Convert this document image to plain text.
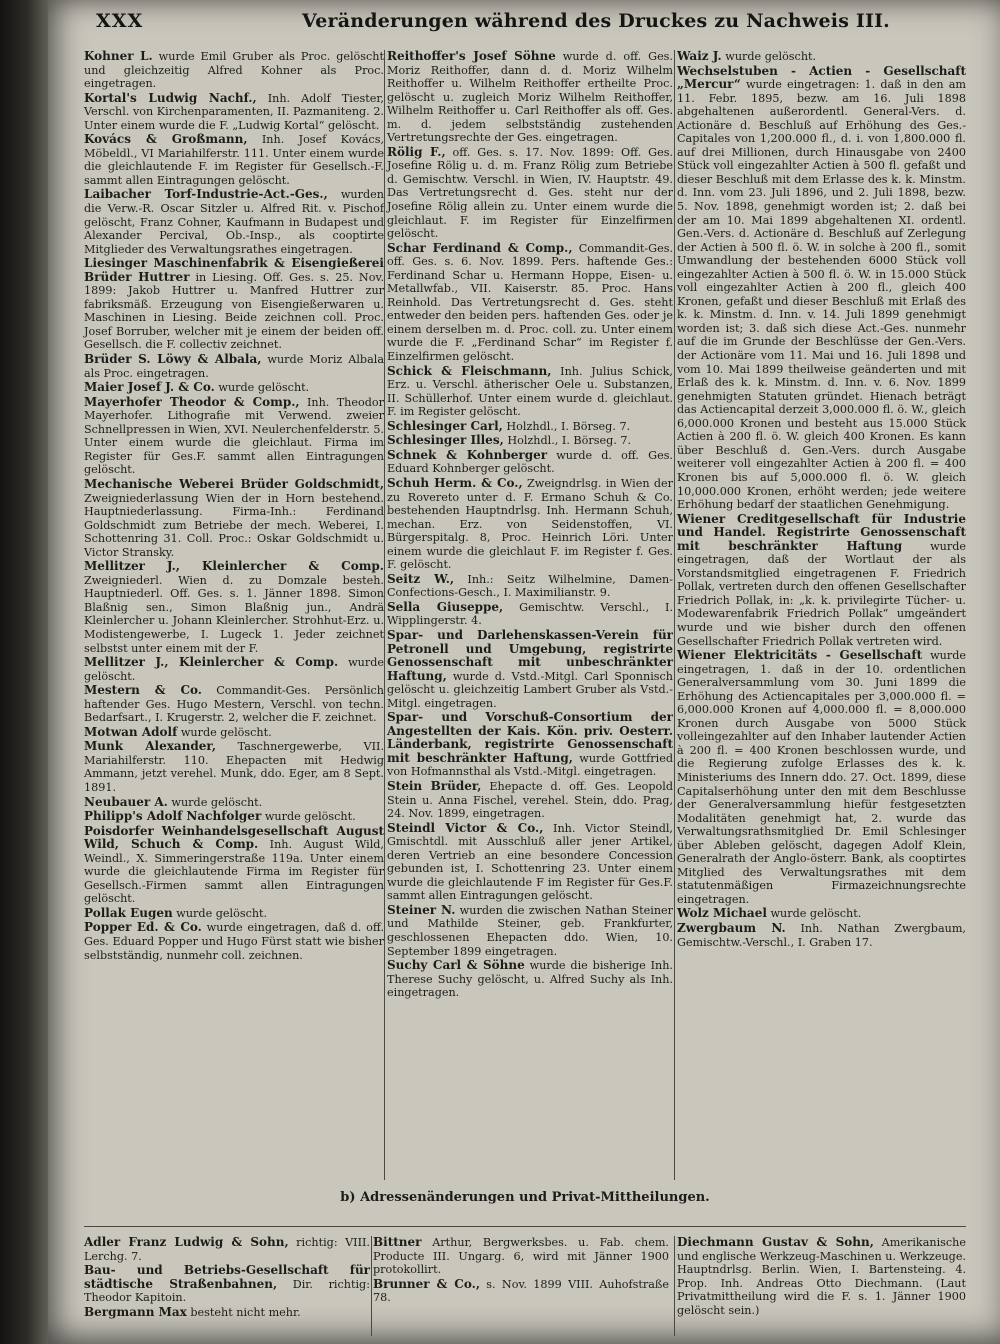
XXX	Veränderungen während des Druckes zu Nachweis III.
Kohner L. wurde Emil Gruber als Proc. gelöscht und gleichzeitig Alfred Kohner als Proc. eingetragen.
Kortal's Ludwig Nachf., Inh. Adolf Tiester, Verschl. von Kirchenparamenten, II. Pazmaniteng. 2. Unter einem wurde die F. „Ludwig Kortal“ gelöscht.
Kovács & Großmann, Inh. Josef Kovács, Möbeldl., VI Mariahilferstr. 111. Unter einem wurde die gleichlautende F. im Register für Gesellsch.-F. sammt allen Eintragungen gelöscht.
Laibacher Torf-Industrie-Act.-Ges., wurden die Verw.-R. Oscar Sitzler u. Alfred Rit. v. Pischof gelöscht, Franz Cohner, Kaufmann in Budapest und Alexander Percival, Ob.-Insp., als cooptirte Mitglieder des Verwaltungsrathes eingetragen.
Liesinger Maschinenfabrik & Eisengießerei Brüder Huttrer in Liesing. Off. Ges. s. 25. Nov. 1899: Jakob Huttrer u. Manfred Huttrer zur fabriksmäß. Erzeugung von Eisengießerwaren u. Maschinen in Liesing. Beide zeichnen coll. Proc. Josef Borruber, welcher mit je einem der beiden off. Gesellsch. die F. collectiv zeichnet.
Brüder S. Löwy & Albala, wurde Moriz Albala als Proc. eingetragen.
Maier Josef J. & Co. wurde gelöscht.
Mayerhofer Theodor & Comp., Inh. Theodor Mayerhofer. Lithografie mit Verwend. zweier Schnellpressen in Wien, XVI. Neulerchenfelderstr. 5. Unter einem wurde die gleichlaut. Firma im Register für Ges.F. sammt allen Eintragungen gelöscht.
Mechanische Weberei Brüder Goldschmidt, Zweigniederlassung Wien der in Horn bestehend. Hauptniederlassung. Firma-Inh.: Ferdinand Goldschmidt zum Betriebe der mech. Weberei, I. Schottenring 31. Coll. Proc.: Oskar Goldschmidt u. Victor Stransky.
Mellitzer J., Kleinlercher & Comp. Zweigniederl. Wien d. zu Domzale besteh. Hauptniederl. Off. Ges. s. 1. Jänner 1898. Simon Blaßnig sen., Simon Blaßnig jun., Andrä Kleinlercher u. Johann Kleinlercher. Strohhut-Erz. u. Modistengewerbe, I. Lugeck 1. Jeder zeichnet selbstst unter einem mit der F.
Mellitzer J., Kleinlercher & Comp. wurde gelöscht.
Mestern & Co. Commandit-Ges. Persönlich haftender Ges. Hugo Mestern, Verschl. von techn. Bedarfsart., I. Krugerstr. 2, welcher die F. zeichnet.
Motwan Adolf wurde gelöscht.
Munk Alexander, Taschnergewerbe, VII. Mariahilferstr. 110. Ehepacten mit Hedwig Ammann, jetzt verehel. Munk, ddo. Eger, am 8 Sept. 1891.
Neubauer A. wurde gelöscht.
Philipp's Adolf Nachfolger wurde gelöscht.
Poisdorfer Weinhandelsgesellschaft August Wild, Schuch & Comp. Inh. August Wild, Weindl., X. Simmeringerstraße 119a. Unter einem wurde die gleichlautende Firma im Register für Gesellsch.-Firmen sammt allen Eintragungen gelöscht.
Pollak Eugen wurde gelöscht.
Popper Ed. & Co. wurde eingetragen, daß d. off. Ges. Eduard Popper und Hugo Fürst statt wie bisher selbstständig, nunmehr coll. zeichnen.
Reithoffer's Josef Söhne wurde d. off. Ges. Moriz Reithoffer, dann d. d. Moriz Wilhelm Reithoffer u. Wilhelm Reithoffer ertheilte Proc. gelöscht u. zugleich Moriz Wilhelm Reithoffer, Wilhelm Reithoffer u. Carl Reithoffer als off. Ges. m. d. jedem selbstständig zustehenden Vertretungsrechte der Ges. eingetragen.
Rölig F., off. Ges. s. 17. Nov. 1899: Off. Ges. Josefine Rölig u. d. m. Franz Rölig zum Betriebe d. Gemischtw. Verschl. in Wien, IV. Hauptstr. 49. Das Vertretungsrecht d. Ges. steht nur der Josefine Rölig allein zu. Unter einem wurde die gleichlaut. F. im Register für Einzelfirmen gelöscht.
Schar Ferdinand & Comp., Commandit-Ges. off. Ges. s. 6. Nov. 1899. Pers. haftende Ges.: Ferdinand Schar u. Hermann Hoppe, Eisen- u. Metallwfab., VII. Kaiserstr. 85. Proc. Hans Reinhold. Das Vertretungsrecht d. Ges. steht entweder den beiden pers. haftenden Ges. oder je einem derselben m. d. Proc. coll. zu. Unter einem wurde die F. „Ferdinand Schar“ im Register f. Einzelfirmen gelöscht.
Schick & Fleischmann, Inh. Julius Schick, Erz. u. Verschl. ätherischer Oele u. Substanzen, II. Schüllerhof. Unter einem wurde d. gleichlaut. F. im Register gelöscht.
Schlesinger Carl, Holzhdl., I. Börseg. 7.
Schlesinger Illes, Holzhdl., I. Börseg. 7.
Schnek & Kohnberger wurde d. off. Ges. Eduard Kohnberger gelöscht.
Schuh Herm. & Co., Zweigndrlsg. in Wien der zu Rovereto unter d. F. Ermano Schuh & Co. bestehenden Hauptndrlsg. Inh. Hermann Schuh, mechan. Erz. von Seidenstoffen, VI. Bürgerspitalg. 8, Proc. Heinrich Löri. Unter einem wurde die gleichlaut F. im Register f. Ges. F. gelöscht.
Seitz W., Inh.: Seitz Wilhelmine, Damen-Confections-Gesch., I. Maximilianstr. 9.
Sella Giuseppe, Gemischtw. Verschl., I. Wipplingerstr. 4.
Spar- und Darlehenskassen-Verein für Petronell und Umgebung, registrirte Genossenschaft mit unbeschränkter Haftung, wurde d. Vstd.-Mitgl. Carl Sponnisch gelöscht u. gleichzeitig Lambert Gruber als Vstd.-Mitgl. eingetragen.
Spar- und Vorschuß-Consortium der Angestellten der Kais. Kön. priv. Oesterr. Länderbank, registrirte Genossenschaft mit beschränkter Haftung, wurde Gottfried von Hofmannsthal als Vstd.-Mitgl. eingetragen.
Stein Brüder, Ehepacte d. off. Ges. Leopold Stein u. Anna Fischel, verehel. Stein, ddo. Prag, 24. Nov. 1899, eingetragen.
Steindl Victor & Co., Inh. Victor Steindl, Gmischtdl. mit Ausschluß aller jener Artikel, deren Vertrieb an eine besondere Concession gebunden ist, I. Schottenring 23. Unter einem wurde die gleichlautende F im Register für Ges.F. sammt allen Eintragungen gelöscht.
Steiner N. wurden die zwischen Nathan Steiner und Mathilde Steiner, geb. Frankfurter, geschlossenen Ehepacten ddo. Wien, 10. September 1899 eingetragen.
Suchy Carl & Söhne wurde die bisherige Inh. Therese Suchy gelöscht, u. Alfred Suchy als Inh. eingetragen.
Waiz J. wurde gelöscht.
Wechselstuben - Actien - Gesellschaft „Mercur“ wurde eingetragen: 1. daß in den am 11. Febr. 1895, bezw. am 16. Juli 1898 abgehaltenen außerordentl. General-Vers. d. Actionäre d. Beschluß auf Erhöhung des Ges.-Capitales von 1,200.000 fl., d. i. von 1,800.000 fl. auf drei Millionen, durch Hinausgabe von 2400 Stück voll eingezahlter Actien à 500 fl. gefaßt und dieser Beschluß mit dem Erlasse des k. k. Minstm. d. Inn. vom 23. Juli 1896, und 2. Juli 1898, bezw. 5. Nov. 1898, genehmigt worden ist; 2. daß bei der am 10. Mai 1899 abgehaltenen XI. ordentl. Gen.-Vers. d. Actionäre d. Beschluß auf Zerlegung der Actien à 500 fl. ö. W. in solche à 200 fl., somit Umwandlung der bestehenden 6000 Stück voll eingezahlter Actien à 500 fl. ö. W. in 15.000 Stück voll eingezahlter Actien à 200 fl., gleich 400 Kronen, gefaßt und dieser Beschluß mit Erlaß des k. k. Minstm. d. Inn. v. 14. Juli 1899 genehmigt worden ist; 3. daß sich diese Act.-Ges. nunmehr auf die im Grunde der Beschlüsse der Gen.-Vers. der Actionäre vom 11. Mai und 16. Juli 1898 und vom 10. Mai 1899 theilweise geänderten und mit Erlaß des k. k. Minstm. d. Inn. v. 6. Nov. 1899 genehmigten Statuten gründet. Hienach beträgt das Actiencapital derzeit 3,000.000 fl. ö. W., gleich 6,000.000 Kronen und besteht aus 15.000 Stück Actien à 200 fl. ö. W. gleich 400 Kronen. Es kann über Beschluß d. Gen.-Vers. durch Ausgabe weiterer voll eingezahlter Actien à 200 fl. = 400 Kronen bis auf 5,000.000 fl. ö. W. gleich 10,000.000 Kronen, erhöht werden; jede weitere Erhöhung bedarf der staatlichen Genehmigung.
Wiener Creditgesellschaft für Industrie und Handel. Registrirte Genossenschaft mit beschränkter Haftung wurde eingetragen, daß der Wortlaut der als Vorstandsmitglied eingetragenen F. Friedrich Pollak, vertreten durch den offenen Gesellschafter Friedrich Pollak, in: „k. k. privilegirte Tücher- u. Modewarenfabrik Friedrich Pollak“ umgeändert wurde und wie bisher durch den offenen Gesellschafter Friedrich Pollak vertreten wird.
Wiener Elektricitäts - Gesellschaft wurde eingetragen, 1. daß in der 10. ordentlichen Generalversammlung vom 30. Juni 1899 die Erhöhung des Actiencapitales per 3,000.000 fl. = 6,000.000 Kronen auf 4,000.000 fl. = 8,000.000 Kronen durch Ausgabe von 5000 Stück volleingezahlter auf den Inhaber lautender Actien à 200 fl. = 400 Kronen beschlossen wurde, und die Regierung zufolge Erlasses des k. k. Ministeriums des Innern ddo. 27. Oct. 1899, diese Capitalserhöhung unter den mit dem Beschlusse der Generalversammlung hiefür festgesetzten Modalitäten genehmigt hat, 2. wurde das Verwaltungsrathsmitglied Dr. Emil Schlesinger über Ableben gelöscht, dagegen Adolf Klein, Generalrath der Anglo-österr. Bank, als cooptirtes Mitglied des Verwaltungsrathes mit dem statutenmäßigen Firmazeichnungsrechte eingetragen.
Wolz Michael wurde gelöscht.
Zwergbaum N. Inh. Nathan Zwergbaum, Gemischtw.-Verschl., I. Graben 17.
b) Adressenänderungen und Privat-Mittheilungen.
Adler Franz Ludwig & Sohn, richtig: VIII. Lerchg. 7.
Bau- und Betriebs-Gesellschaft für städtische Straßenbahnen, Dir. richtig: Theodor Kapitoin.
Bergmann Max besteht nicht mehr.
Bittner Arthur, Bergwerksbes. u. Fab. chem. Producte III. Ungarg. 6, wird mit Jänner 1900 protokollirt.
Brunner & Co., s. Nov. 1899 VIII. Auhofstraße 78.
Diechmann Gustav & Sohn, Amerikanische und englische Werkzeug-Maschinen u. Werkzeuge. Hauptndrlsg. Berlin. Wien, I. Bartensteing. 4. Prop. Inh. Andreas Otto Diechmann. (Laut Privatmittheilung wird die F. s. 1. Jänner 1900 gelöscht sein.)
